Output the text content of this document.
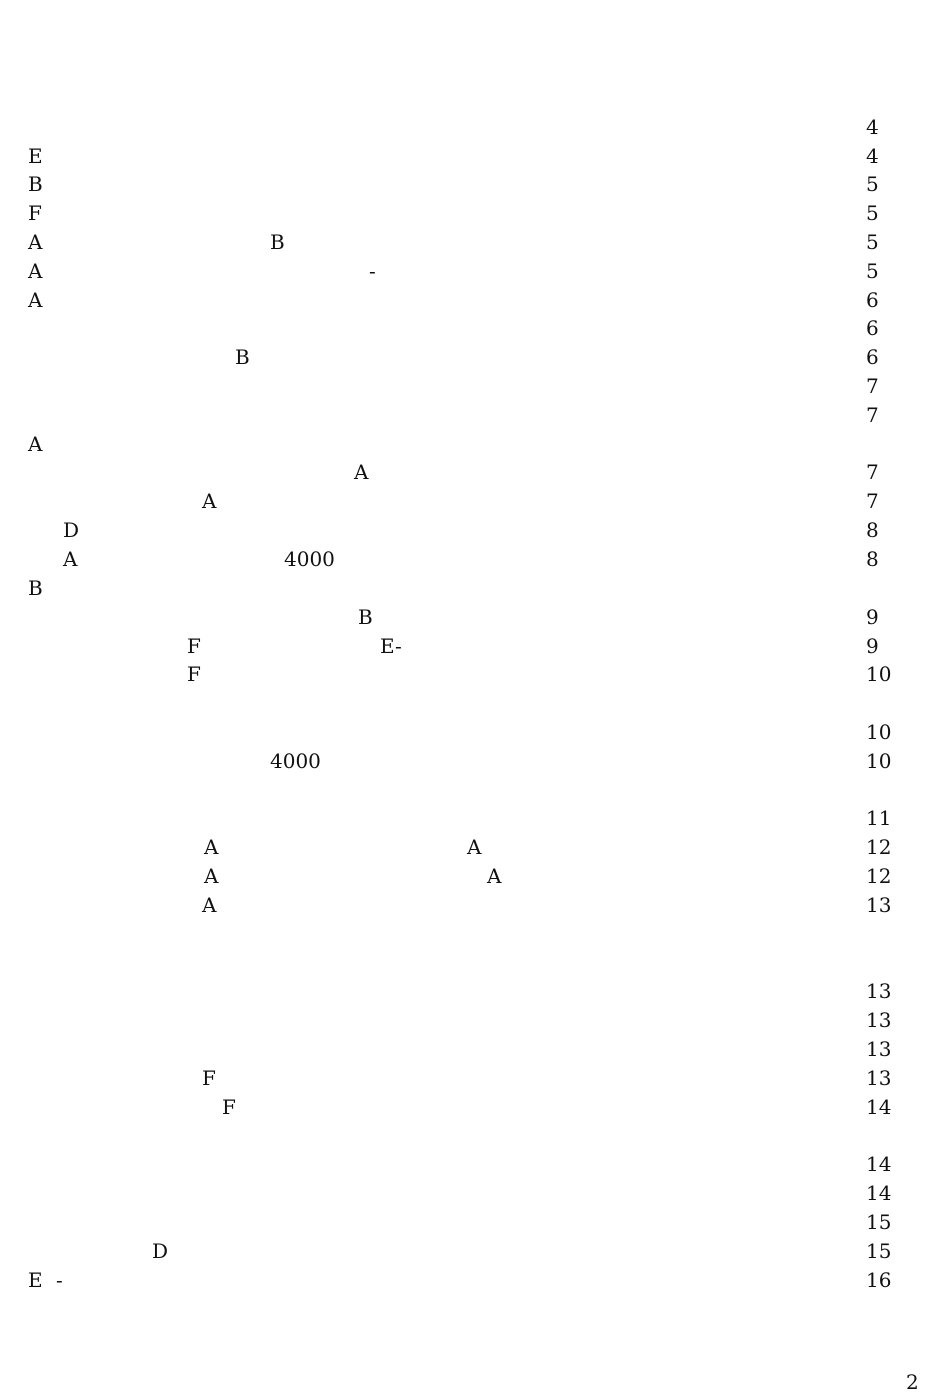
4
E	4
B	5
F	5
A	B	5
A	-	5
A	6
6
B	6
7
7
A
A	7
A	7
D	8
A	4000	8
B
B	9
F	E-	9
F	10
10
4000	10
11
A	A	12
A	A	12
A	13
13
13
13
F	13
F	14
14
14
15
D	15
E -	16
2
